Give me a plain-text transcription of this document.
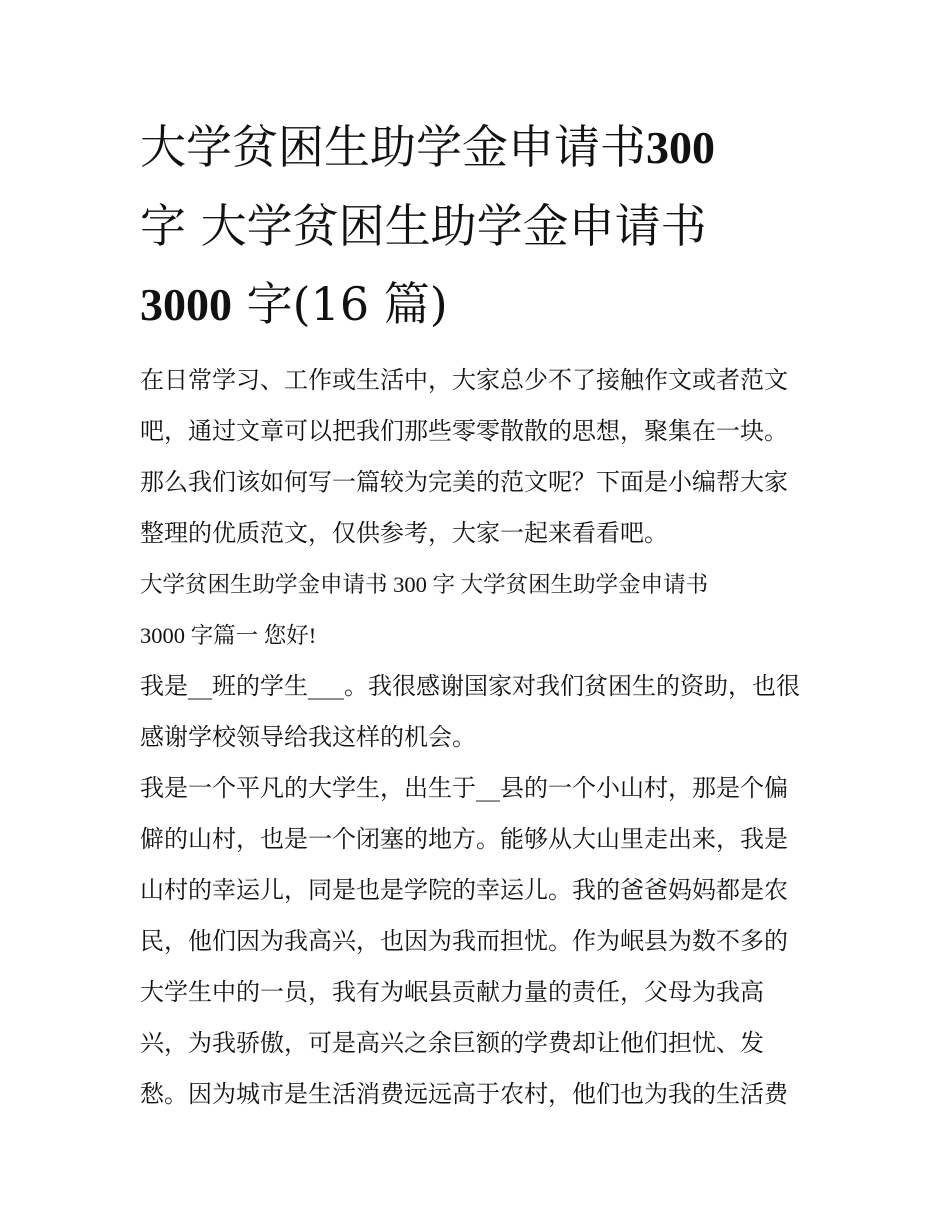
大学贫困生助学金申请书300
字 大学贫困生助学金申请书
3000 字(16 篇)
在日常学习、工作或生活中，大家总少不了接触作文或者范文
吧，通过文章可以把我们那些零零散散的思想，聚集在一块。
那么我们该如何写一篇较为完美的范文呢？下面是小编帮大家
整理的优质范文，仅供参考，大家一起来看看吧。
大学贫困生助学金申请书 300 字 大学贫困生助学金申请书
3000 字篇一 您好!
我是__班的学生___。我很感谢国家对我们贫困生的资助，也很
感谢学校领导给我这样的机会。
我是一个平凡的大学生，出生于__县的一个小山村，那是个偏
僻的山村，也是一个闭塞的地方。能够从大山里走出来，我是
山村的幸运儿，同是也是学院的幸运儿。我的爸爸妈妈都是农
民，他们因为我高兴，也因为我而担忧。作为岷县为数不多的
大学生中的一员，我有为岷县贡献力量的责任，父母为我高
兴，为我骄傲，可是高兴之余巨额的学费却让他们担忧、发
愁。因为城市是生活消费远远高于农村，他们也为我的生活费
